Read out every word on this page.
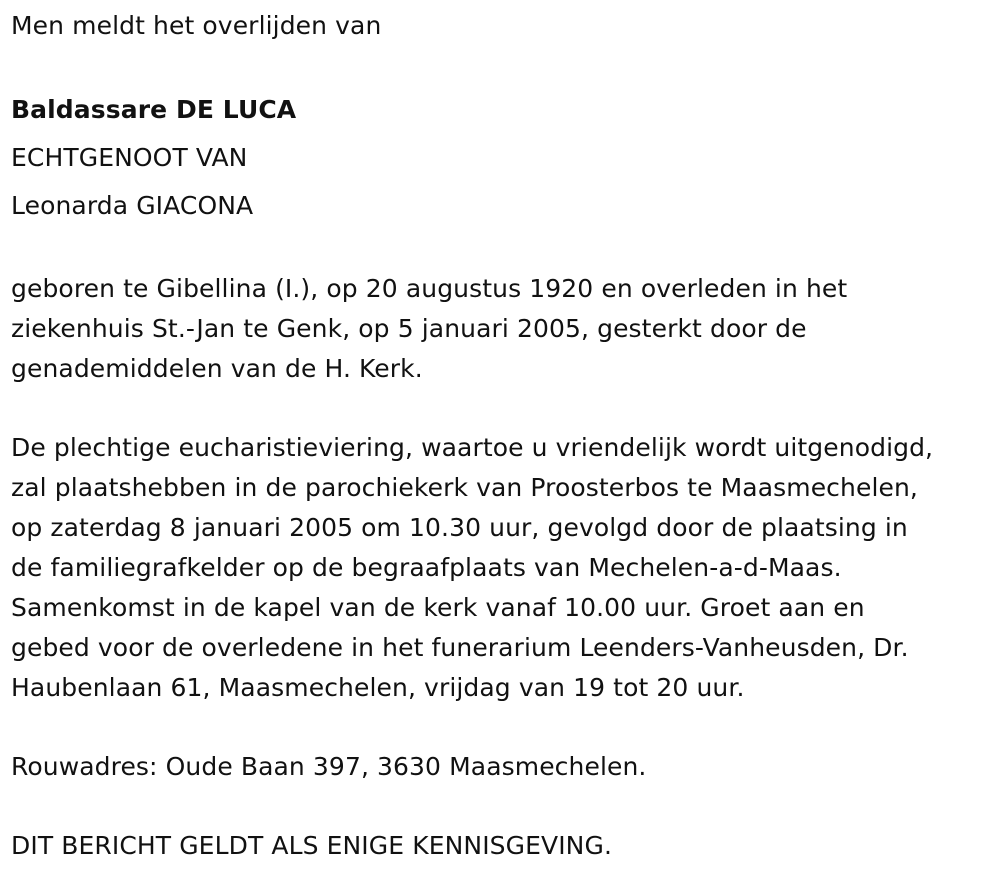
Men meldt het overlijden van

Baldassare DE LUCA

ECHTGENOOT VAN

Leonarda GIACONA

geboren te Gibellina (I.), op 20 augustus 1920 en overleden in het

ziekenhuis St.-Jan te Genk, op 5 januari 2005, gesterkt door de

genademiddelen van de H. Kerk.

De plechtige eucharistieviering, waartoe u vriendelijk wordt uitgenodigd,

zal plaatshebben in de parochiekerk van Proosterbos te Maasmechelen,

op zaterdag 8 januari 2005 om 10.30 uur, gevolgd door de plaatsing in

de familiegrafkelder op de begraafplaats van Mechelen-a-d-Maas.

Samenkomst in de kapel van de kerk vanaf 10.00 uur. Groet aan en

gebed voor de overledene in het funerarium Leenders-Vanheusden, Dr.

Haubenlaan 61, Maasmechelen, vrijdag van 19 tot 20 uur.

Rouwadres: Oude Baan 397, 3630 Maasmechelen.

DIT BERICHT GELDT ALS ENIGE KENNISGEVING.
